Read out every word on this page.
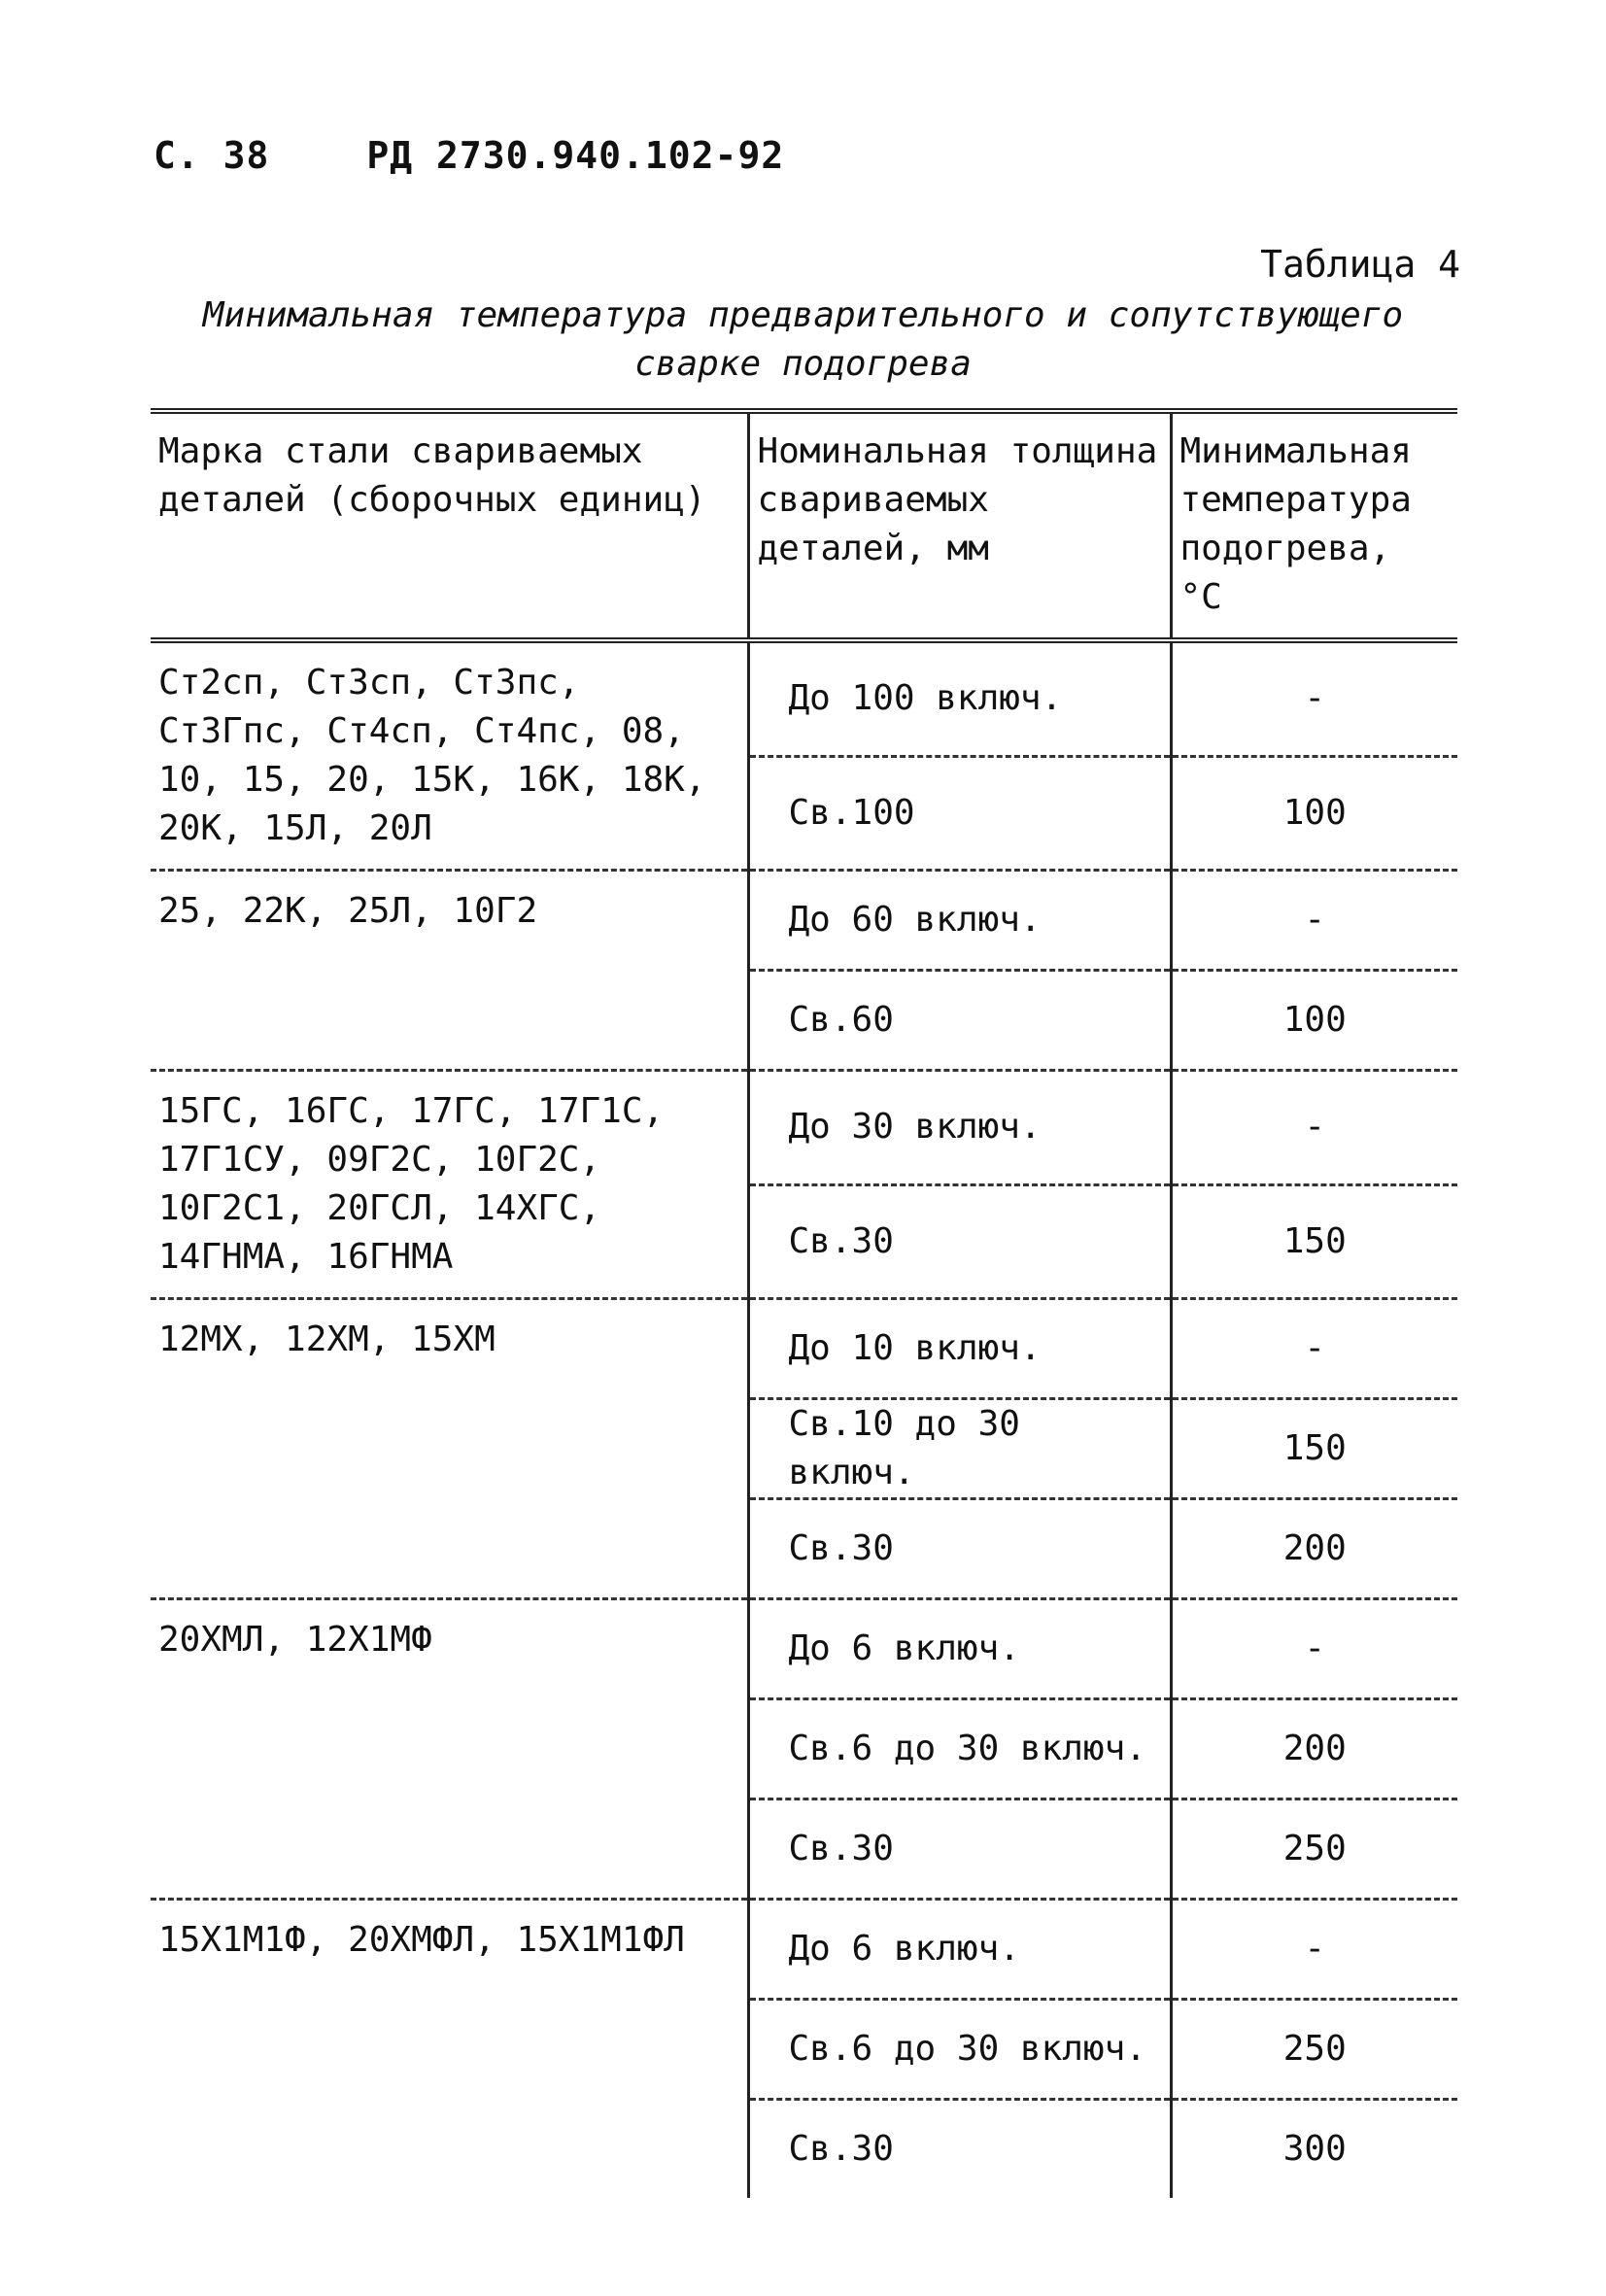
С. 38	РД 2730.940.102-92
Таблица 4
Минимальная температура предварительного и сопутствующего
сварке подогрева
Марка стали свариваемых деталей (сборочных единиц)	Номинальная толщина свариваемых деталей, мм	Минимальная температура подогрева, °С
Ст2сп, Ст3сп, Ст3пс, Ст3Гпс, Ст4сп, Ст4пс, 08, 10, 15, 20, 15К, 16К, 18К, 20К, 15Л, 20Л	До 100 включ.	-
	Св.100	100
25, 22К, 25Л, 10Г2	До 60 включ.	-
	Св.60	100
15ГС, 16ГС, 17ГС, 17Г1С, 17Г1СУ, 09Г2С, 10Г2С, 10Г2С1, 20ГСЛ, 14ХГС, 14ГНМА, 16ГНМА	До 30 включ.	-
	Св.30	150
12МХ, 12ХМ, 15ХМ	До 10 включ.	-
	Св.10 до 30 включ.	150
	Св.30	200
20ХМЛ, 12Х1МФ	До 6 включ.	-
	Св.6 до 30 включ.	200
	Св.30	250
15Х1М1Ф, 20ХМФЛ, 15Х1М1ФЛ	До 6 включ.	-
	Св.6 до 30 включ.	250
	Св.30	300
